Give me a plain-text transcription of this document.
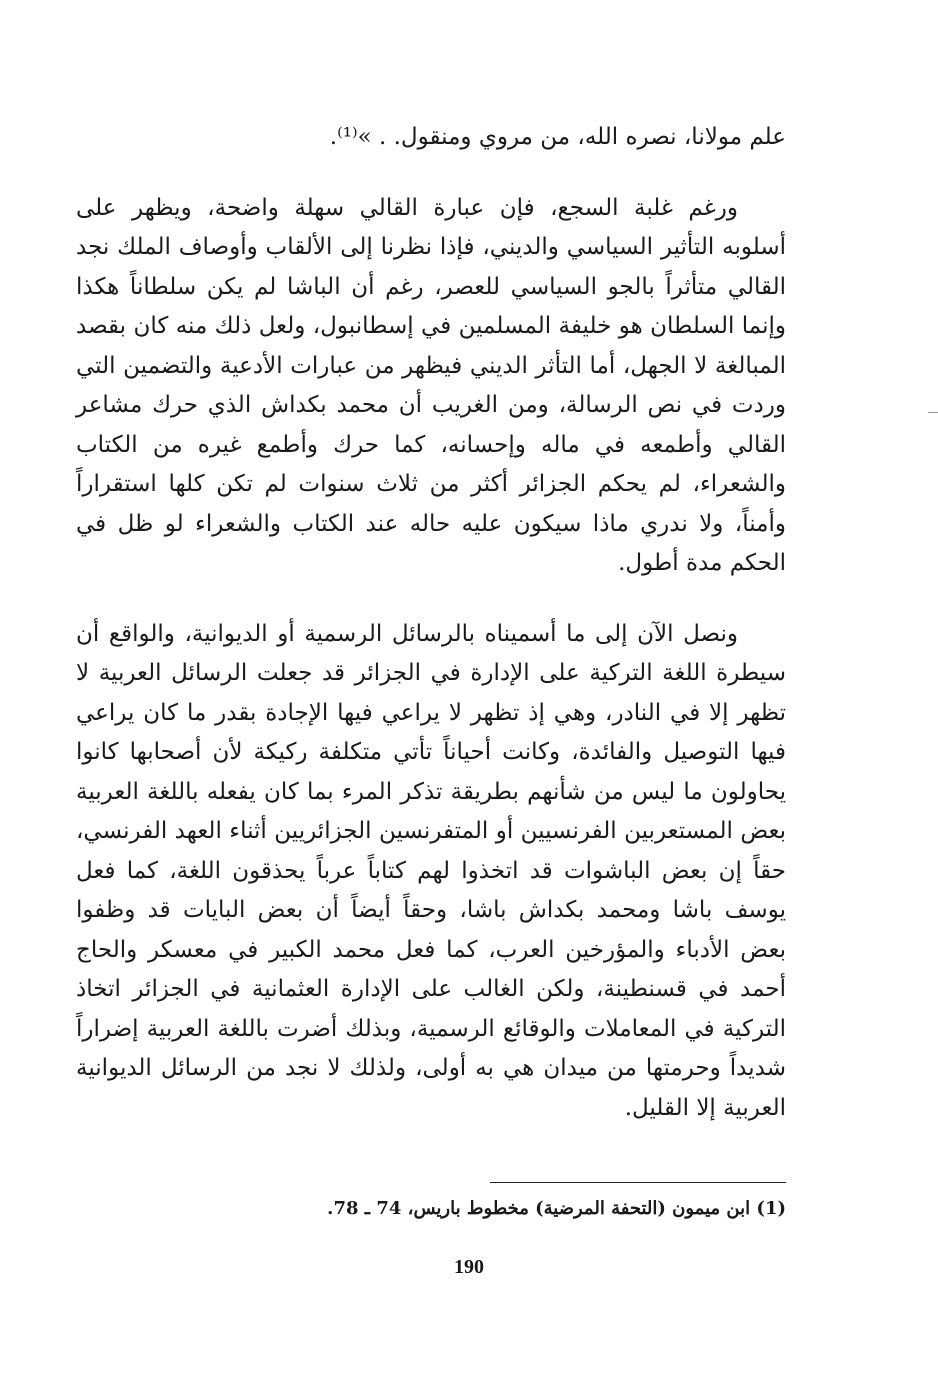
علم مولانا، نصره الله، من مروي ومنقول. . »⁽¹⁾.

ورغم غلبة السجع، فإن عبارة القالي سهلة واضحة، ويظهر على
أسلوبه التأثير السياسي والديني، فإذا نظرنا إلى الألقاب وأوصاف الملك نجد
القالي متأثراً بالجو السياسي للعصر، رغم أن الباشا لم يكن سلطاناً هكذا
وإنما السلطان هو خليفة المسلمين في إسطانبول، ولعل ذلك منه كان بقصد
المبالغة لا الجهل، أما التأثر الديني فيظهر من عبارات الأدعية والتضمين التي
وردت في نص الرسالة، ومن الغريب أن محمد بكداش الذي حرك مشاعر
القالي وأطمعه في ماله وإحسانه، كما حرك وأطمع غيره من الكتاب
والشعراء، لم يحكم الجزائر أكثر من ثلاث سنوات لم تكن كلها استقراراً
وأمناً، ولا ندري ماذا سيكون عليه حاله عند الكتاب والشعراء لو ظل في
الحكم مدة أطول.

ونصل الآن إلى ما أسميناه بالرسائل الرسمية أو الديوانية، والواقع أن
سيطرة اللغة التركية على الإدارة في الجزائر قد جعلت الرسائل العربية لا
تظهر إلا في النادر، وهي إذ تظهر لا يراعي فيها الإجادة بقدر ما كان يراعي
فيها التوصيل والفائدة، وكانت أحياناً تأتي متكلفة ركيكة لأن أصحابها كانوا
يحاولون ما ليس من شأنهم بطريقة تذكر المرء بما كان يفعله باللغة العربية
بعض المستعربين الفرنسيين أو المتفرنسين الجزائريين أثناء العهد الفرنسي،
حقاً إن بعض الباشوات قد اتخذوا لهم كتاباً عرباً يحذقون اللغة، كما فعل
يوسف باشا ومحمد بكداش باشا، وحقاً أيضاً أن بعض البايات قد وظفوا
بعض الأدباء والمؤرخين العرب، كما فعل محمد الكبير في معسكر والحاج
أحمد في قسنطينة، ولكن الغالب على الإدارة العثمانية في الجزائر اتخاذ
التركية في المعاملات والوقائع الرسمية، وبذلك أضرت باللغة العربية إضراراً
شديداً وحرمتها من ميدان هي به أولى، ولذلك لا نجد من الرسائل الديوانية
العربية إلا القليل.

(1) ابن ميمون (التحفة المرضية) مخطوط باريس، 74 ـ 78.
190
